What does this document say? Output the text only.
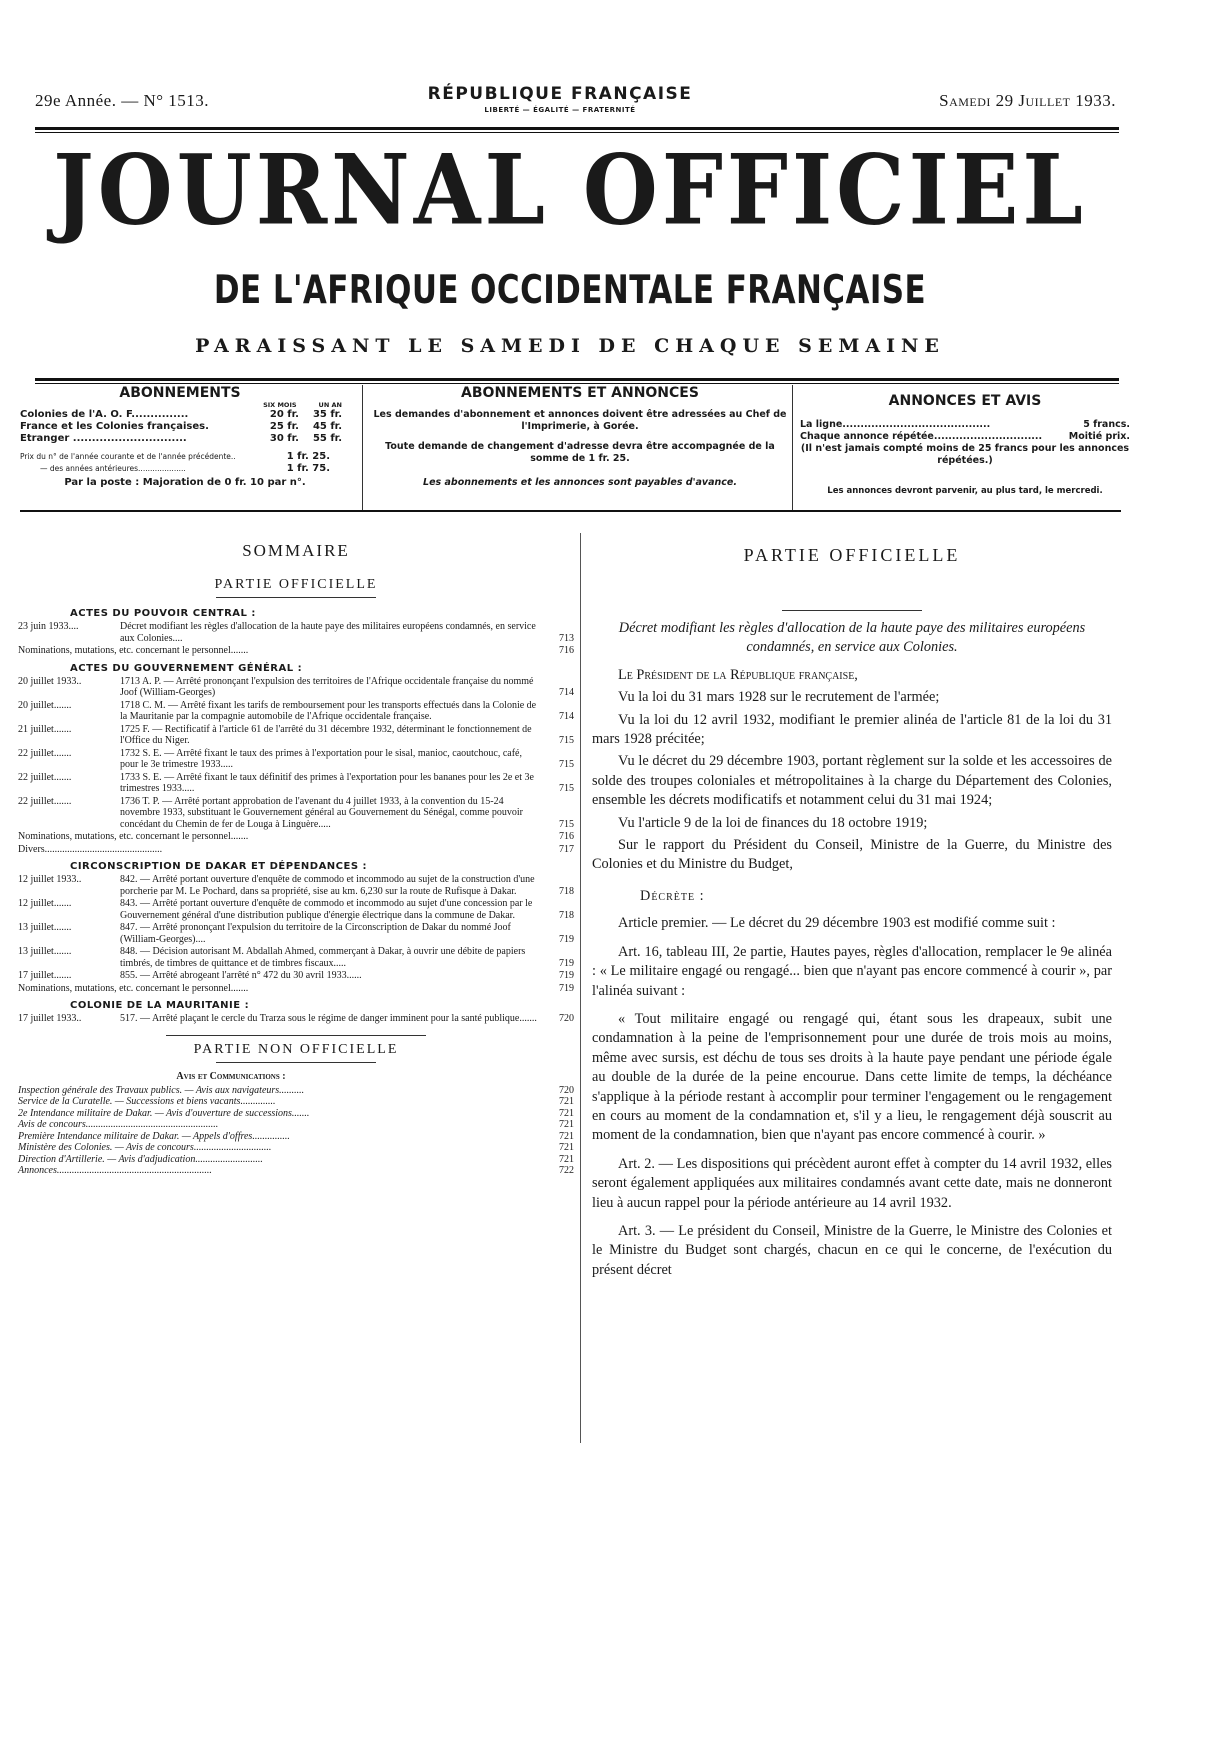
29e Année. — N° 1513.	RÉPUBLIQUE FRANÇAISE
LIBERTÉ — ÉGALITÉ — FRATERNITÉ	Samedi 29 Juillet 1933.
JOURNAL OFFICIEL
DE L'AFRIQUE OCCIDENTALE FRANÇAISE
PARAISSANT LE SAMEDI DE CHAQUE SEMAINE
ABONNEMENTS
SIX MOIS	UN AN
Colonies de l'A. O. F...............	20 fr. 35 fr.
France et les Colonies françaises.	25 fr. 45 fr.
Etranger ..............................	30 fr. 55 fr.
Prix du n° de l'année courante et de l'année précédente..	1 fr. 25.
— des années antérieures....................	1 fr. 75.
Par la poste : Majoration de 0 fr. 10 par n°.
ABONNEMENTS ET ANNONCES
Les demandes d'abonnement et annonces doivent être adressées au Chef de l'Imprimerie, à Gorée.
Toute demande de changement d'adresse devra être accompagnée de la somme de 1 fr. 25.
Les abonnements et les annonces sont payables d'avance.
ANNONCES ET AVIS
La ligne.........................................	5 francs.
Chaque annonce répétée..............................	Moitié prix.
(Il n'est jamais compté moins de 25 francs pour les annonces répétées.)
Les annonces devront parvenir, au plus tard, le mercredi.
SOMMAIRE
PARTIE OFFICIELLE
ACTES DU POUVOIR CENTRAL :
23 juin 1933....	Décret modifiant les règles d'allocation de la haute paye des militaires européens condamnés, en service aux Colonies....	713
Nominations, mutations, etc. concernant le personnel.......	716
ACTES DU GOUVERNEMENT GÉNÉRAL :
20 juillet 1933..	1713 A. P. — Arrêté prononçant l'expulsion des territoires de l'Afrique occidentale française du nommé Joof (William-Georges)	714
20 juillet.......	1718 C. M. — Arrêté fixant les tarifs de remboursement pour les transports effectués dans la Colonie de la Mauritanie par la compagnie automobile de l'Afrique occidentale française.	714
21 juillet.......	1725 F. — Rectificatif à l'article 61 de l'arrêté du 31 décembre 1932, déterminant le fonctionnement de l'Office du Niger.	715
22 juillet.......	1732 S. E. — Arrêté fixant le taux des primes à l'exportation pour le sisal, manioc, caoutchouc, café, pour le 3e trimestre 1933.....	715
22 juillet.......	1733 S. E. — Arrêté fixant le taux définitif des primes à l'exportation pour les bananes pour les 2e et 3e trimestres 1933.....	715
22 juillet.......	1736 T. P. — Arrêté portant approbation de l'avenant du 4 juillet 1933, à la convention du 15-24 novembre 1933, substituant le Gouvernement général au Gouvernement du Sénégal, comme pouvoir concédant du Chemin de fer de Louga à Linguère.....	715
Nominations, mutations, etc. concernant le personnel.......	716
Divers...............................................	717
CIRCONSCRIPTION DE DAKAR ET DÉPENDANCES :
12 juillet 1933..	842. — Arrêté portant ouverture d'enquête de commodo et incommodo au sujet de la construction d'une porcherie par M. Le Pochard, dans sa propriété, sise au km. 6,230 sur la route de Rufisque à Dakar.	718
12 juillet.......	843. — Arrêté portant ouverture d'enquête de commodo et incommodo au sujet d'une concession par le Gouvernement général d'une distribution publique d'énergie électrique dans la commune de Dakar.	718
13 juillet.......	847. — Arrêté prononçant l'expulsion du territoire de la Circonscription de Dakar du nommé Joof (William-Georges)....	719
13 juillet.......	848. — Décision autorisant M. Abdallah Ahmed, commerçant à Dakar, à ouvrir une débite de papiers timbrés, de timbres de quittance et de timbres fiscaux.....	719
17 juillet.......	855. — Arrêté abrogeant l'arrêté n° 472 du 30 avril 1933......	719
Nominations, mutations, etc. concernant le personnel.......	719
COLONIE DE LA MAURITANIE :
17 juillet 1933..	517. — Arrêté plaçant le cercle du Trarza sous le régime de danger imminent pour la santé publique.......	720
PARTIE NON OFFICIELLE
Avis et Communications :
Inspection générale des Travaux publics. — Avis aux navigateurs..........	720
Service de la Curatelle. — Successions et biens vacants..............	721
2e Intendance militaire de Dakar. — Avis d'ouverture de successions.......	721
Avis de concours.....................................................	721
Première Intendance militaire de Dakar. — Appels d'offres...............	721
Ministère des Colonies. — Avis de concours...............................	721
Direction d'Artillerie. — Avis d'adjudication...........................	721
Annonces..............................................................	722
PARTIE OFFICIELLE
Décret modifiant les règles d'allocation de la haute paye des militaires européens condamnés, en service aux Colonies.
Le Président de la République française,
Vu la loi du 31 mars 1928 sur le recrutement de l'armée;
Vu la loi du 12 avril 1932, modifiant le premier alinéa de l'article 81 de la loi du 31 mars 1928 précitée;
Vu le décret du 29 décembre 1903, portant règlement sur la solde et les accessoires de solde des troupes coloniales et métropolitaines à la charge du Département des Colonies, ensemble les décrets modificatifs et notamment celui du 31 mai 1924;
Vu l'article 9 de la loi de finances du 18 octobre 1919;
Sur le rapport du Président du Conseil, Ministre de la Guerre, du Ministre des Colonies et du Ministre du Budget,
Décrète :
Article premier. — Le décret du 29 décembre 1903 est modifié comme suit :
Art. 16, tableau III, 2e partie, Hautes payes, règles d'allocation, remplacer le 9e alinéa : « Le militaire engagé ou rengagé... bien que n'ayant pas encore commencé à courir », par l'alinéa suivant :
« Tout militaire engagé ou rengagé qui, étant sous les drapeaux, subit une condamnation à la peine de l'emprisonnement pour une durée de trois mois au moins, même avec sursis, est déchu de tous ses droits à la haute paye pendant une période égale au double de la durée de la peine encourue. Dans cette limite de temps, la déchéance s'applique à la période restant à accomplir pour terminer l'engagement ou le rengagement en cours au moment de la condamnation et, s'il y a lieu, le rengagement déjà souscrit au moment de la condamnation, bien que n'ayant pas encore commencé à courir. »
Art. 2. — Les dispositions qui précèdent auront effet à compter du 14 avril 1932, elles seront également appliquées aux militaires condamnés avant cette date, mais ne donneront lieu à aucun rappel pour la période antérieure au 14 avril 1932.
Art. 3. — Le président du Conseil, Ministre de la Guerre, le Ministre des Colonies et le Ministre du Budget sont chargés, chacun en ce qui le concerne, de l'exécution du présent décret
